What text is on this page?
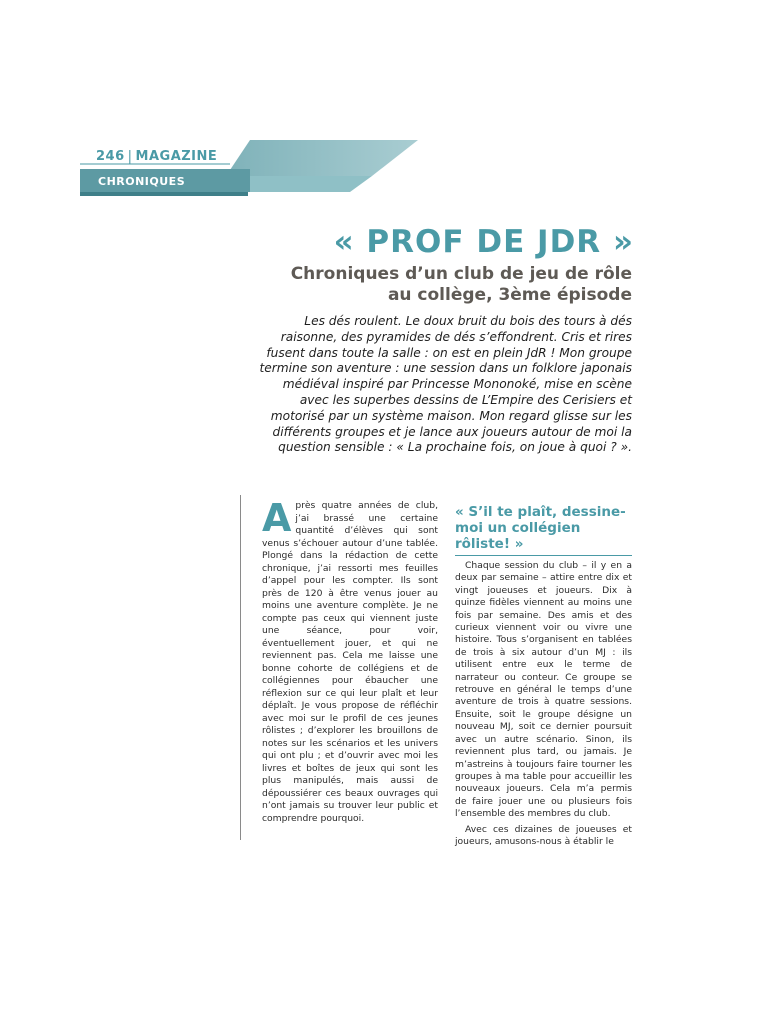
246 | MAGAZINE
CHRONIQUES
« PROF DE JDR »
Chroniques d’un club de jeu de rôle
au collège, 3ème épisode
Les dés roulent. Le doux bruit du bois des tours à dés raisonne, des pyramides de dés s’effondrent. Cris et rires fusent dans toute la salle : on est en plein JdR ! Mon groupe termine son aventure : une session dans un folklore japonais médiéval inspiré par Princesse Mononoké, mise en scène avec les superbes dessins de L’Empire des Cerisiers et motorisé par un système maison. Mon regard glisse sur les différents groupes et je lance aux joueurs autour de moi la question sensible : « La prochaine fois, on joue à quoi ? ».
Après quatre années de club, j’ai brassé une certaine quantité d’élèves qui sont venus s’échouer autour d’une tablée. Plongé dans la rédaction de cette chronique, j’ai ressorti mes feuilles d’appel pour les compter. Ils sont près de 120 à être venus jouer au moins une aventure complète. Je ne compte pas ceux qui viennent juste une séance, pour voir, éventuellement jouer, et qui ne reviennent pas. Cela me laisse une bonne cohorte de collégiens et de collégiennes pour ébaucher une réflexion sur ce qui leur plaît et leur déplaît. Je vous propose de réfléchir avec moi sur le profil de ces jeunes rôlistes ; d’explorer les brouillons de notes sur les scénarios et les univers qui ont plu ; et d’ouvrir avec moi les livres et boîtes de jeux qui sont les plus manipulés, mais aussi de dépoussiérer ces beaux ouvrages qui n’ont jamais su trouver leur public et comprendre pourquoi.
« S’il te plaît, dessine-moi un collégien rôliste! »

Chaque session du club – il y en a deux par semaine – attire entre dix et vingt joueuses et joueurs. Dix à quinze fidèles viennent au moins une fois par semaine. Des amis et des curieux viennent voir ou vivre une histoire. Tous s’organisent en tablées de trois à six autour d’un MJ : ils utilisent entre eux le terme de narrateur ou conteur. Ce groupe se retrouve en général le temps d’une aventure de trois à quatre sessions. Ensuite, soit le groupe désigne un nouveau MJ, soit ce dernier poursuit avec un autre scénario. Sinon, ils reviennent plus tard, ou jamais. Je m’astreins à toujours faire tourner les groupes à ma table pour accueillir les nouveaux joueurs. Cela m’a permis de faire jouer une ou plusieurs fois l’ensemble des membres du club.

Avec ces dizaines de joueuses et joueurs, amusons-nous à établir le
